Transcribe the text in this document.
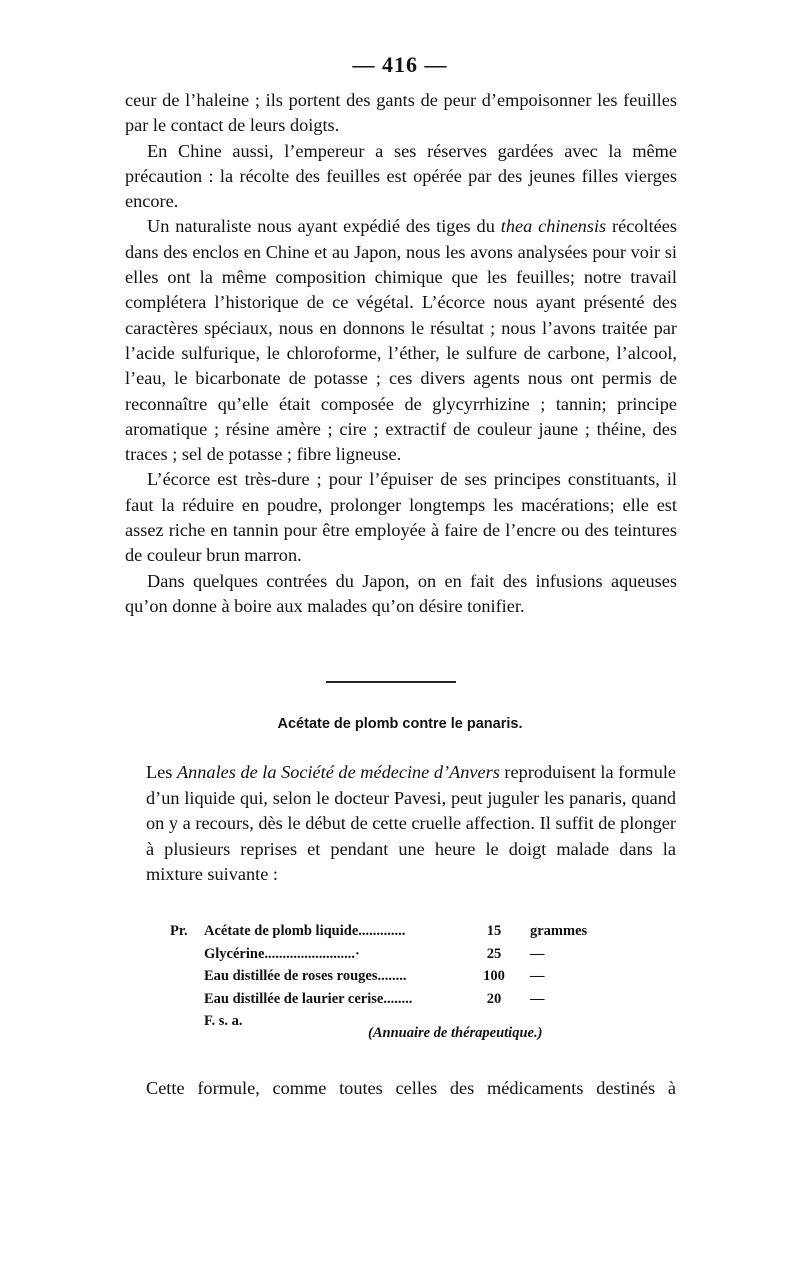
— 416 —

ceur de l’haleine ; ils portent des gants de peur d’empoisonner les feuilles par le contact de leurs doigts.

En Chine aussi, l’empereur a ses réserves gardées avec la même précaution : la récolte des feuilles est opérée par des jeunes filles vierges encore.

Un naturaliste nous ayant expédié des tiges du thea chinensis récoltées dans des enclos en Chine et au Japon, nous les avons analysées pour voir si elles ont la même composition chimique que les feuilles; notre travail complétera l’historique de ce végétal. L’écorce nous ayant présenté des caractères spéciaux, nous en donnons le résultat ; nous l’avons traitée par l’acide sulfurique, le chloroforme, l’éther, le sulfure de carbone, l’alcool, l’eau, le bicarbonate de potasse ; ces divers agents nous ont permis de reconnaître qu’elle était composée de glycyrrhizine ; tannin; principe aromatique ; résine amère ; cire ; extractif de couleur jaune ; théine, des traces ; sel de potasse ; fibre ligneuse.

L’écorce est très-dure ; pour l’épuiser de ses principes constituants, il faut la réduire en poudre, prolonger longtemps les macérations; elle est assez riche en tannin pour être employée à faire de l’encre ou des teintures de couleur brun marron.

Dans quelques contrées du Japon, on en fait des infusions aqueuses qu’on donne à boire aux malades qu’on désire tonifier.

Acétate de plomb contre le panaris.

Les Annales de la Société de médecine d’Anvers reproduisent la formule d’un liquide qui, selon le docteur Pavesi, peut juguler les panaris, quand on y a recours, dès le début de cette cruelle affection. Il suffit de plonger à plusieurs reprises et pendant une heure le doigt malade dans la mixture suivante :

Pr. Acétate de plomb liquide.............	15	grammes
Glycérine.........................·	25	—
Eau distillée de roses rouges........	100	—
Eau distillée de laurier cerise........	20	—
F. s. a.
(Annuaire de thérapeutique.)
Cette formule, comme toutes celles des médicaments destinés à
